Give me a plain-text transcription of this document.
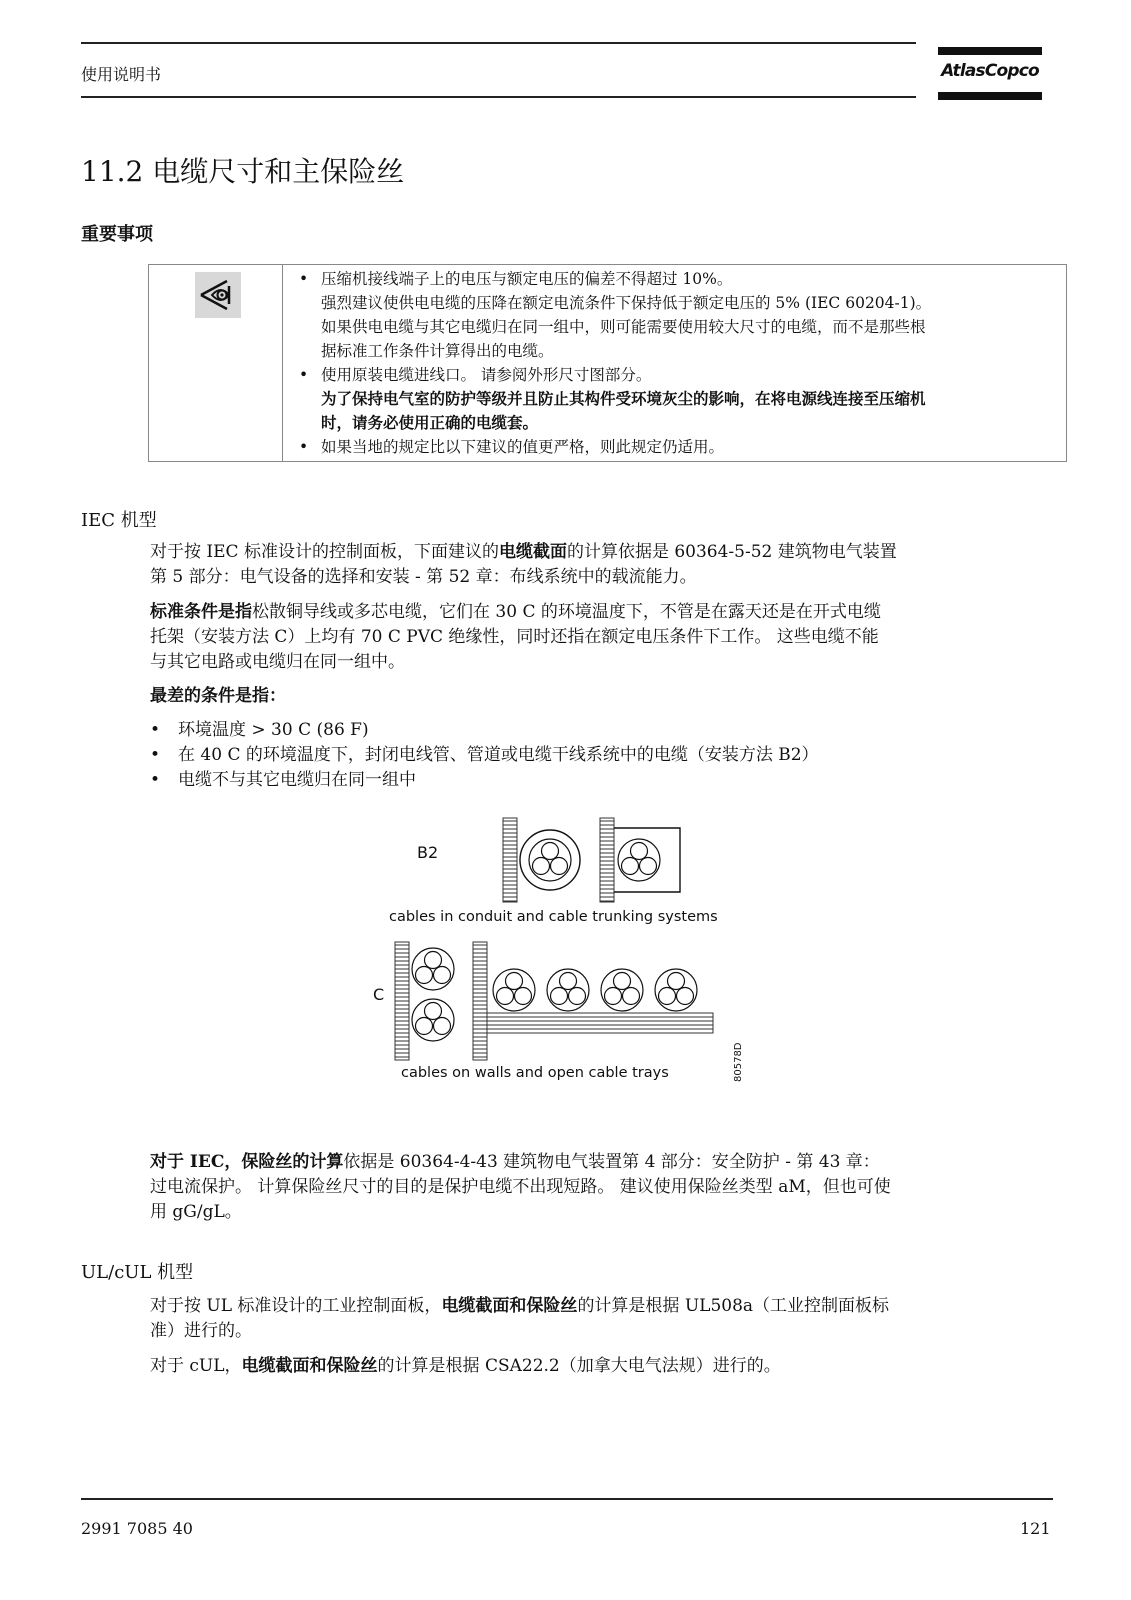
使用说明书	AtlasCopco
11.2 电缆尺寸和主保险丝
重要事项
• 压缩机接线端子上的电压与额定电压的偏差不得超过 10%。
强烈建议使供电电缆的压降在额定电流条件下保持低于额定电压的 5% (IEC 60204-1)。
如果供电电缆与其它电缆归在同一组中，则可能需要使用较大尺寸的电缆，而不是那些根
据标准工作条件计算得出的电缆。
• 使用原装电缆进线口。 请参阅外形尺寸图部分。
为了保持电气室的防护等级并且防止其构件受环境灰尘的影响，在将电源线连接至压缩机
时，请务必使用正确的电缆套。
• 如果当地的规定比以下建议的值更严格，则此规定仍适用。
IEC 机型
对于按 IEC 标准设计的控制面板，下面建议的电缆截面的计算依据是 60364-5-52 建筑物电气装置
第 5 部分：电气设备的选择和安装 - 第 52 章：布线系统中的载流能力。
标准条件是指松散铜导线或多芯电缆，它们在 30 C 的环境温度下，不管是在露天还是在开式电缆
托架（安装方法 C）上均有 70 C PVC 绝缘性，同时还指在额定电压条件下工作。 这些电缆不能
与其它电路或电缆归在同一组中。
最差的条件是指：
• 环境温度 > 30 C (86 F)
• 在 40 C 的环境温度下，封闭电线管、管道或电缆干线系统中的电缆（安装方法 B2）
• 电缆不与其它电缆归在同一组中
B2
cables in conduit and cable trunking systems
C
cables on walls and open cable trays	80578D
对于 IEC，保险丝的计算依据是 60364-4-43 建筑物电气装置第 4 部分：安全防护 - 第 43 章：
过电流保护。 计算保险丝尺寸的目的是保护电缆不出现短路。 建议使用保险丝类型 aM，但也可使
用 gG/gL。
UL/cUL 机型
对于按 UL 标准设计的工业控制面板，电缆截面和保险丝的计算是根据 UL508a（工业控制面板标
准）进行的。
对于 cUL，电缆截面和保险丝的计算是根据 CSA22.2（加拿大电气法规）进行的。
2991 7085 40	121
